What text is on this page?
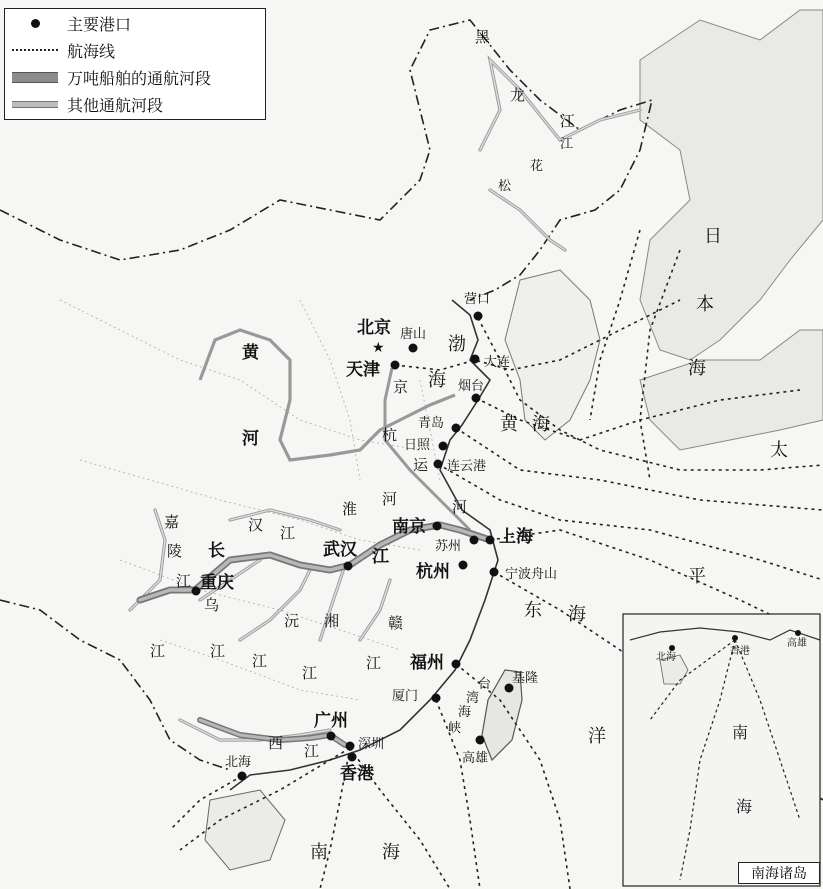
★
营口
唐山
天津
北京
大连
烟台
青岛
日照
连云港
南京
苏州 上海
宁波舟山
杭州
武汉
重庆
福州
厦门
基隆
高雄
广州
深圳
香港
北海
黑
龙
江
松
花
江
黄
河
河
淮
河
长	江
汉 江
嘉
陵
江
乌
江
沅
江
湘
江
赣
江
西 江
京
杭
运
江
渤
海
黄 海
东 海
南	海
日
本
海
太
平
洋
台
湾
海
峡
香港
高雄
北海
南
海
主要港口
航海线
万吨船舶的通航河段
其他通航河段
南海诸岛
